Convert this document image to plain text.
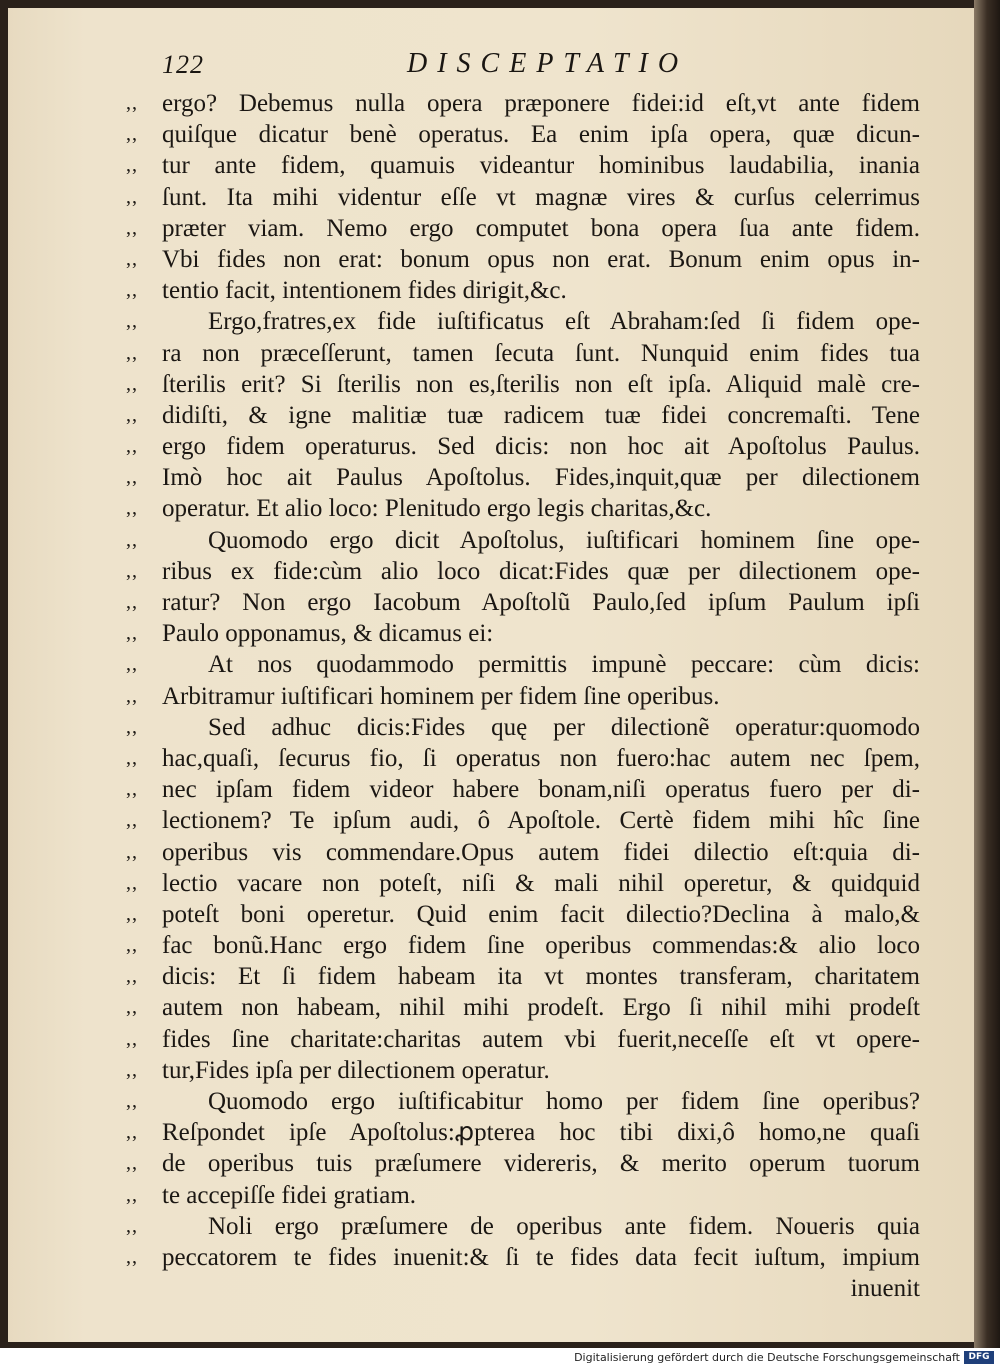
122	DISCEPTATIO
,, ergo? Debemus nulla opera præponere fidei:id eſt,vt ante fidem
,, quiſque dicatur benè operatus. Ea enim ipſa opera, quæ dicun-
,, tur ante fidem, quamuis videantur hominibus laudabilia, inania
,, ſunt. Ita mihi videntur eſſe vt magnæ vires & curſus celerrimus
,, præter viam. Nemo ergo computet bona opera ſua ante fidem.
,, Vbi fides non erat: bonum opus non erat. Bonum enim opus in-
,, tentio facit, intentionem fides dirigit,&c.
,,	Ergo,fratres,ex fide iuſtificatus eſt Abraham:ſed ſi fidem ope-
,, ra non præceſſerunt, tamen ſecuta ſunt. Nunquid enim fides tua
,, ſterilis erit? Si ſterilis non es,ſterilis non eſt ipſa. Aliquid malè cre-
,, didiſti, & igne malitiæ tuæ radicem tuæ fidei concremaſti. Tene
,, ergo fidem operaturus. Sed dicis: non hoc ait Apoſtolus Paulus.
,, Imò hoc ait Paulus Apoſtolus. Fides,inquit,quæ per dilectionem
,, operatur. Et alio loco: Plenitudo ergo legis charitas,&c.
,,	Quomodo ergo dicit Apoſtolus, iuſtificari hominem ſine ope-
,, ribus ex fide:cùm alio loco dicat:Fides quæ per dilectionem ope-
,, ratur? Non ergo Iacobum Apoſtolũ Paulo,ſed ipſum Paulum ipſi
,, Paulo opponamus, & dicamus ei:
,,	At nos quodammodo permittis impunè peccare: cùm dicis:
,, Arbitramur iuſtificari hominem per fidem ſine operibus.
,,	Sed adhuc dicis:Fides quę per dilectionẽ operatur:quomodo
,, hac,quaſi, ſecurus fio, ſi operatus non fuero:hac autem nec ſpem,
,, nec ipſam fidem videor habere bonam,niſi operatus fuero per di-
,, lectionem? Te ipſum audi, ô Apoſtole. Certè fidem mihi hîc ſine
,, operibus vis commendare.Opus autem fidei dilectio eſt:quia di-
,, lectio vacare non poteſt, niſi & mali nihil operetur, & quidquid
,, poteſt boni operetur. Quid enim facit dilectio?Declina à malo,&
,, fac bonũ.Hanc ergo fidem ſine operibus commendas:& alio loco
,, dicis: Et ſi fidem habeam ita vt montes transferam, charitatem
,, autem non habeam, nihil mihi prodeſt. Ergo ſi nihil mihi prodeſt
,, fides ſine charitate:charitas autem vbi fuerit,neceſſe eſt vt opere-
,, tur,Fides ipſa per dilectionem operatur.
,,	Quomodo ergo iuſtificabitur homo per fidem ſine operibus?
,, Reſpondet ipſe Apoſtolus:ꝓpterea hoc tibi dixi,ô homo,ne quaſi
,, de operibus tuis præſumere videreris, & merito operum tuorum
,, te accepiſſe fidei gratiam.
,,	Noli ergo præſumere de operibus ante fidem. Noueris quia
,, peccatorem te fides inuenit:& ſi te fides data fecit iuſtum, impium
inuenit
Digitalisierung gefördert durch die Deutsche Forschungsgemeinschaft DFG
